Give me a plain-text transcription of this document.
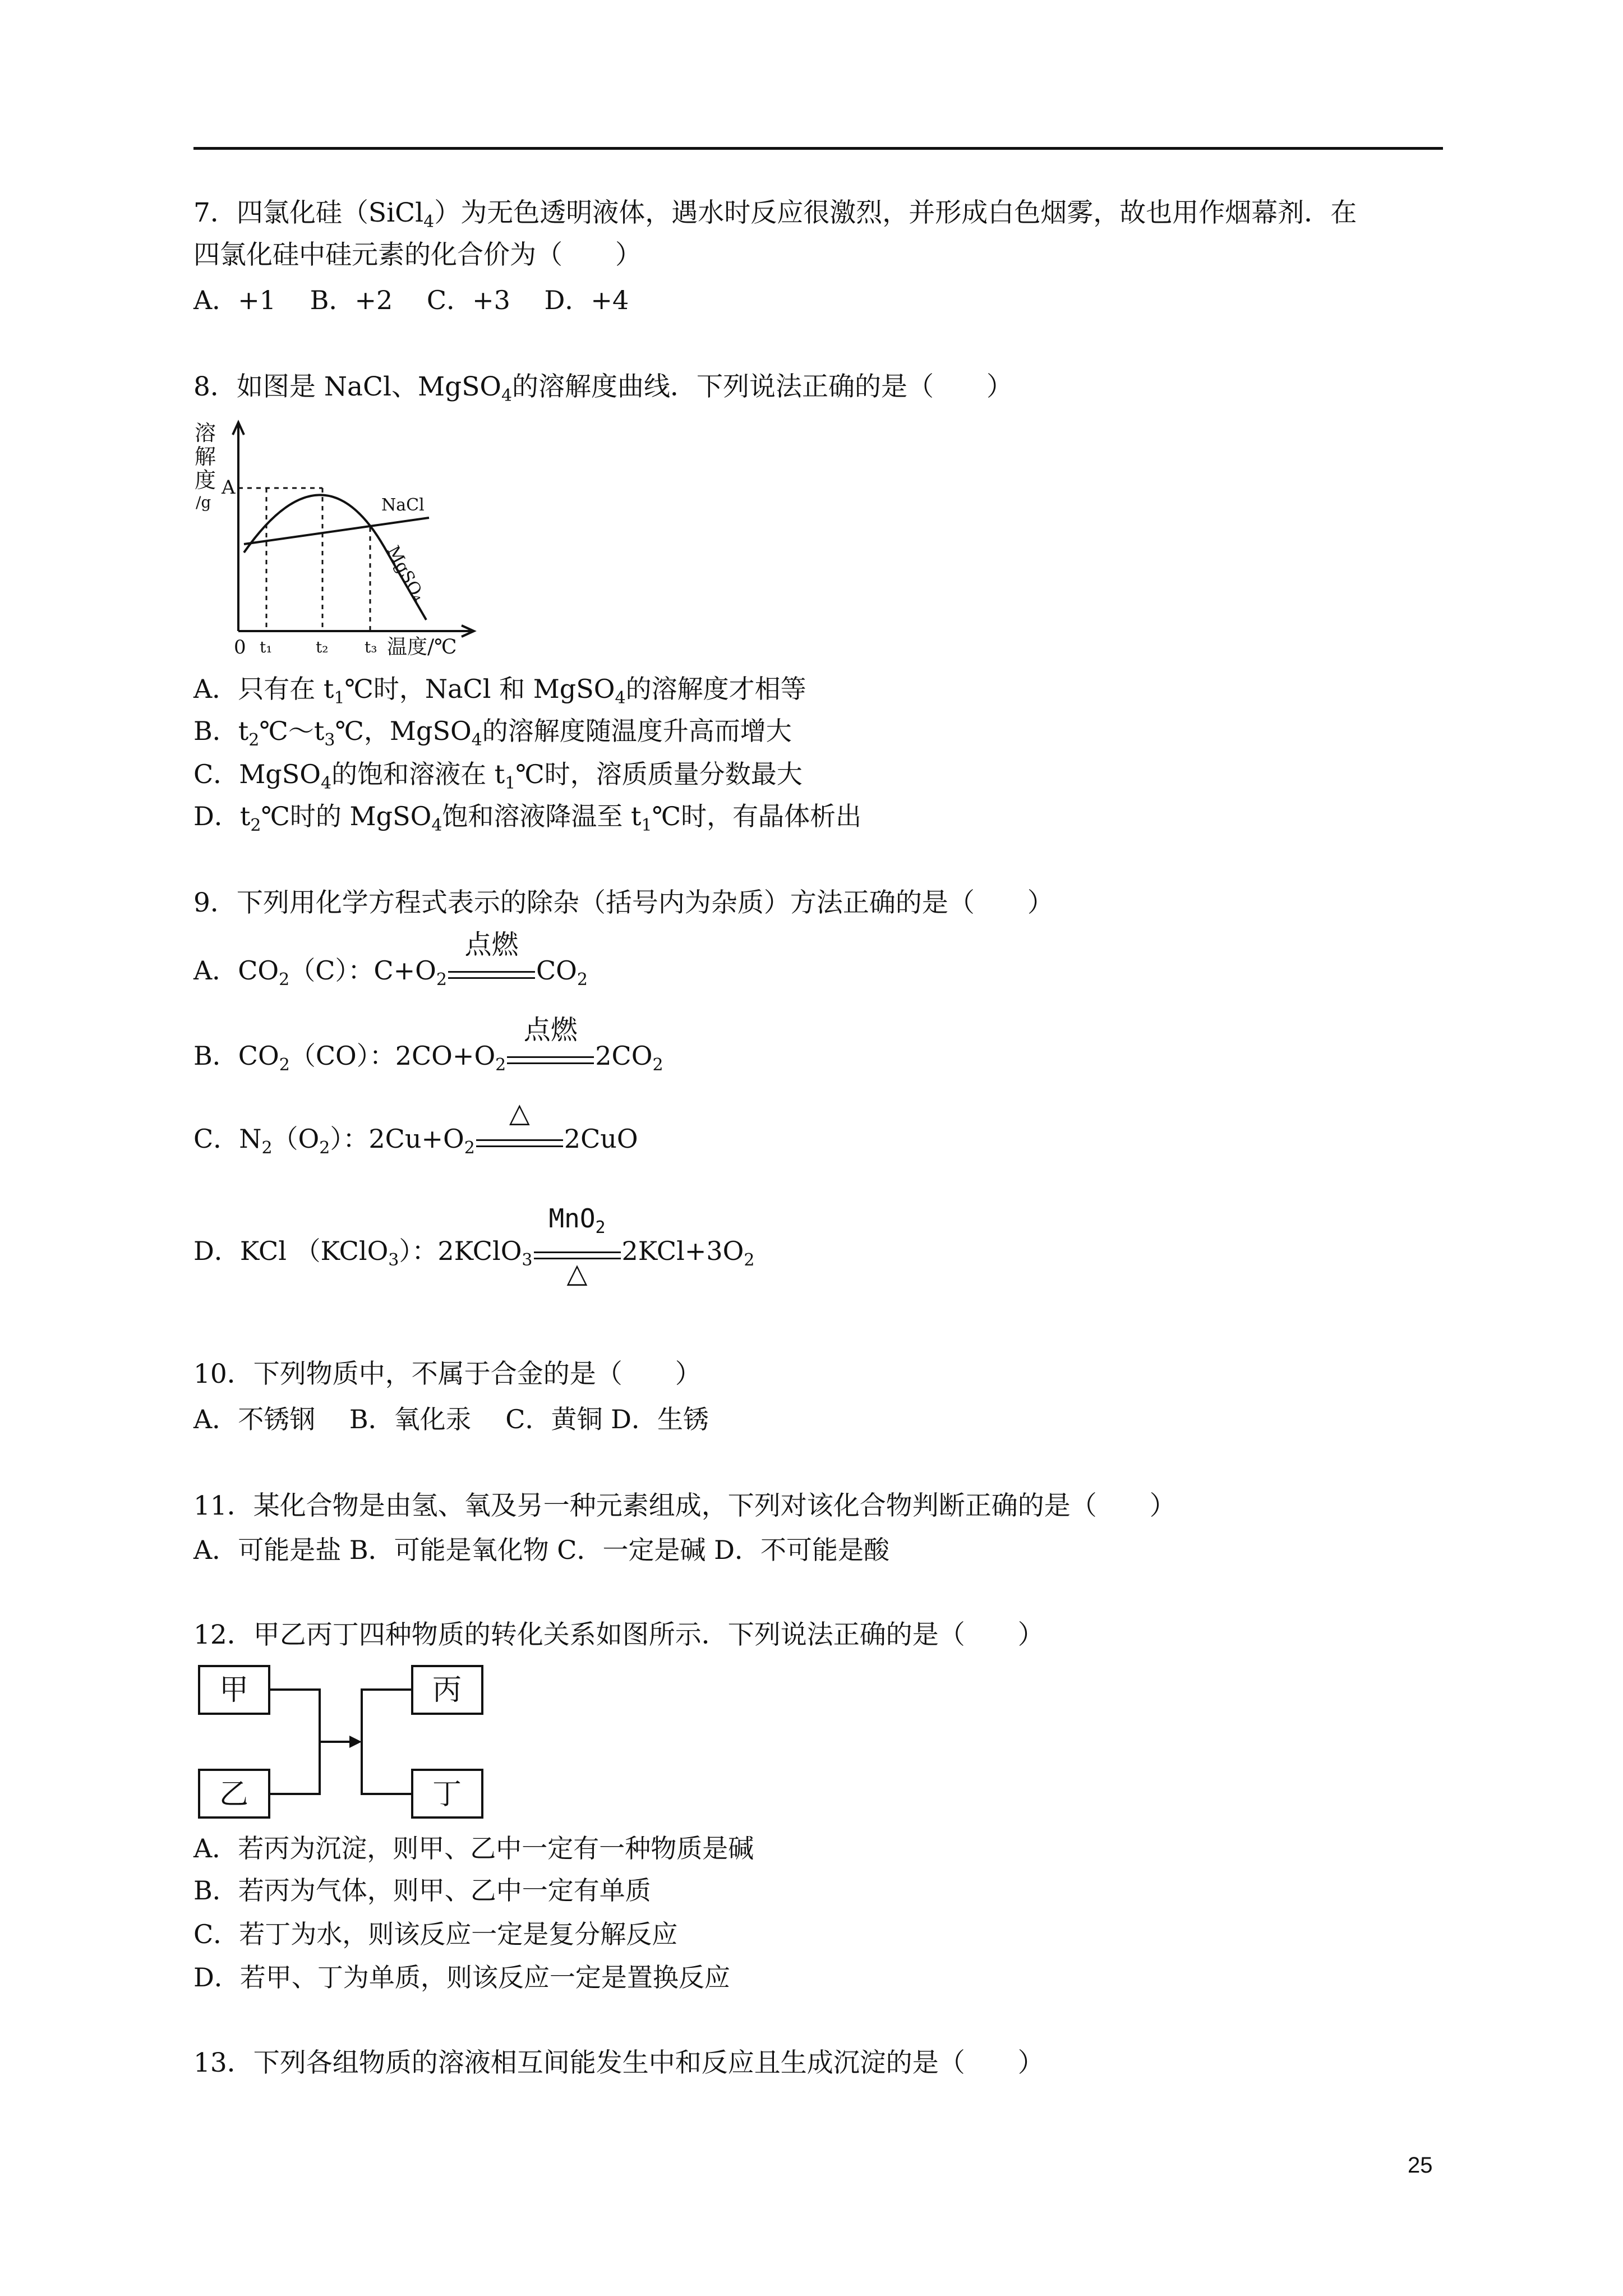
7．四氯化硅（SiCl$_4$）为无色透明液体，遇水时反应很激烈，并形成白色烟雾，故也用作烟幕剂．在
四氯化硅中硅元素的化合价为（　　）
A．+1　 B．+2　 C．+3　 D．+4
8．如图是 NaCl、MgSO$_4$的溶解度曲线．下列说法正确的是（　　）
溶
解
度
/g
A
0 t₁	t₂ t₃ 温度/℃
NaCl
MgSO₄
A．只有在 $t_1℃$时，NaCl 和 MgSO$_4$的溶解度才相等
B．$t_2℃\sim t_3℃$，MgSO$_4$的溶解度随温度升高而增大
C．MgSO$_4$的饱和溶液在 $t_1℃$时，溶质质量分数最大
D．$t_2℃$时的 MgSO$_4$饱和溶液降温至 $t_1℃$时，有晶体析出
9．下列用化学方程式表示的除杂（括号内为杂质）方法正确的是（　　）
A．$CO_2(C)$：$C+O_2$
点燃
$CO_2$
B．$CO_2(CO)$：$2CO+O_2$
点燃
$2CO_2$
C．$N_2(O_2)$：$2Cu+O_2$
△
2CuO
D．KCl （KClO$_3$）：2KClO$_3$
MnO$_2$
△
$2KCl+3O_2$
10．下列物质中，不属于合金的是（　　）
A．不锈钢　 B．氧化汞　 C．黄铜 D．生锈
11．某化合物是由氢、氧及另一种元素组成，下列对该化合物判断正确的是（　　）
A．可能是盐 B．可能是氧化物 C．一定是碱 D．不可能是酸
12．甲乙丙丁四种物质的转化关系如图所示．下列说法正确的是（　　）
甲
乙
丙
丁
A．若丙为沉淀，则甲、乙中一定有一种物质是碱
B．若丙为气体，则甲、乙中一定有单质
C．若丁为水，则该反应一定是复分解反应
D．若甲、丁为单质，则该反应一定是置换反应
13．下列各组物质的溶液相互间能发生中和反应且生成沉淀的是（　　）
25
